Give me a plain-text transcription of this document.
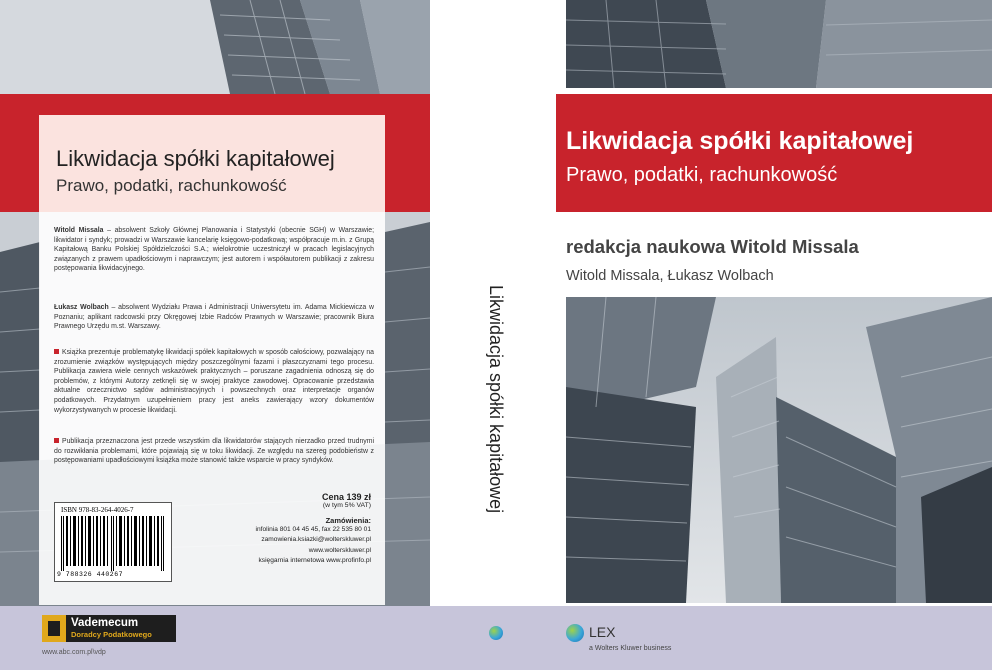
Likwidacja spółki kapitałowej
Prawo, podatki, rachunkowość

Witold Missala – absolwent Szkoły Głównej Planowania i Statystyki (obecnie SGH) w Warszawie; likwidator i syndyk; prowadzi w Warszawie kancelarię księgowo-podatkową; współpracuje m.in. z Grupą Kapitałową Banku Polskiej Spółdzielczości S.A.; wielokrotnie uczestniczył w pracach legislacyjnych związanych z prawem upadłościowym i naprawczym; jest autorem i współautorem publikacji z zakresu postępowania likwidacyjnego.

Łukasz Wolbach – absolwent Wydziału Prawa i Administracji Uniwersytetu im. Adama Mickiewicza w Poznaniu; aplikant radcowski przy Okręgowej Izbie Radców Prawnych w Warszawie; pracownik Biura Prawnego Urzędu m.st. Warszawy.

Książka prezentuje problematykę likwidacji spółek kapitałowych w sposób całościowy, pozwalający na zrozumienie związków występujących między poszczególnymi fazami i płaszczyznami tego procesu. Publikacja zawiera wiele cennych wskazówek praktycznych – poruszane zagadnienia odnoszą się do problemów, z którymi Autorzy zetknęli się w swojej praktyce zawodowej. Opracowanie przedstawia aktualne orzecznictwo sądów administracyjnych i powszechnych oraz interpretacje organów podatkowych. Przydatnym uzupełnieniem pracy jest aneks zawierający wzory dokumentów wykorzystywanych w procesie likwidacji.

Publikacja przeznaczona jest przede wszystkim dla likwidatorów stających nierzadko przed trudnymi do rozwikłania problemami, które pojawiają się w toku likwidacji. Ze względu na szereg podobieństw z postępowaniami upadłościowymi książka może stanowić także wsparcie w pracy syndyków.

ISBN 978-83-264-4026-7
9 788326 440267
Cena 139 zł
(w tym 5% VAT)
Zamówienia:
infolinia 801 04 45 45, fax 22 535 80 01
zamowienia.ksiazki@wolterskluwer.pl
www.wolterskluwer.pl
księgarnia internetowa www.profinfo.pl
Likwidacja spółki kapitałowej
Likwidacja spółki kapitałowej
Prawo, podatki, rachunkowość
redakcja naukowa Witold Missala
Witold Missala, Łukasz Wolbach
Vademecum
Doradcy Podatkowego
www.abc.com.pl\vdp
LEX
a Wolters Kluwer business
